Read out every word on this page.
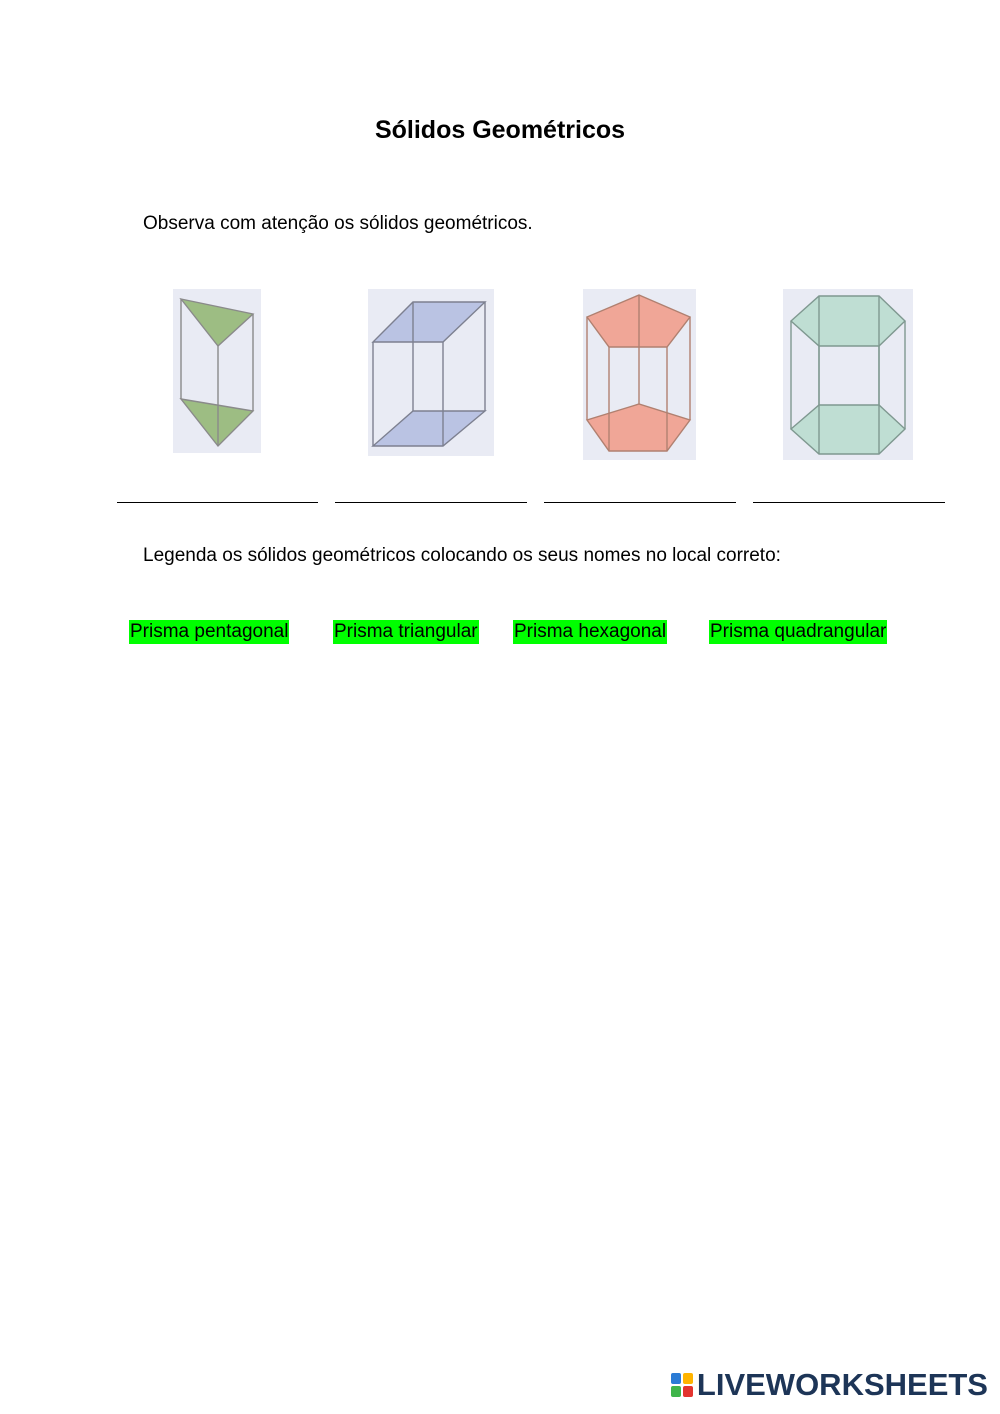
Sólidos Geométricos
Observa com atenção os sólidos geométricos.
Legenda os sólidos geométricos colocando os seus nomes no local correto:
Prisma pentagonal Prisma triangular Prisma hexagonal Prisma quadrangular
LIVEWORKSHEETS
